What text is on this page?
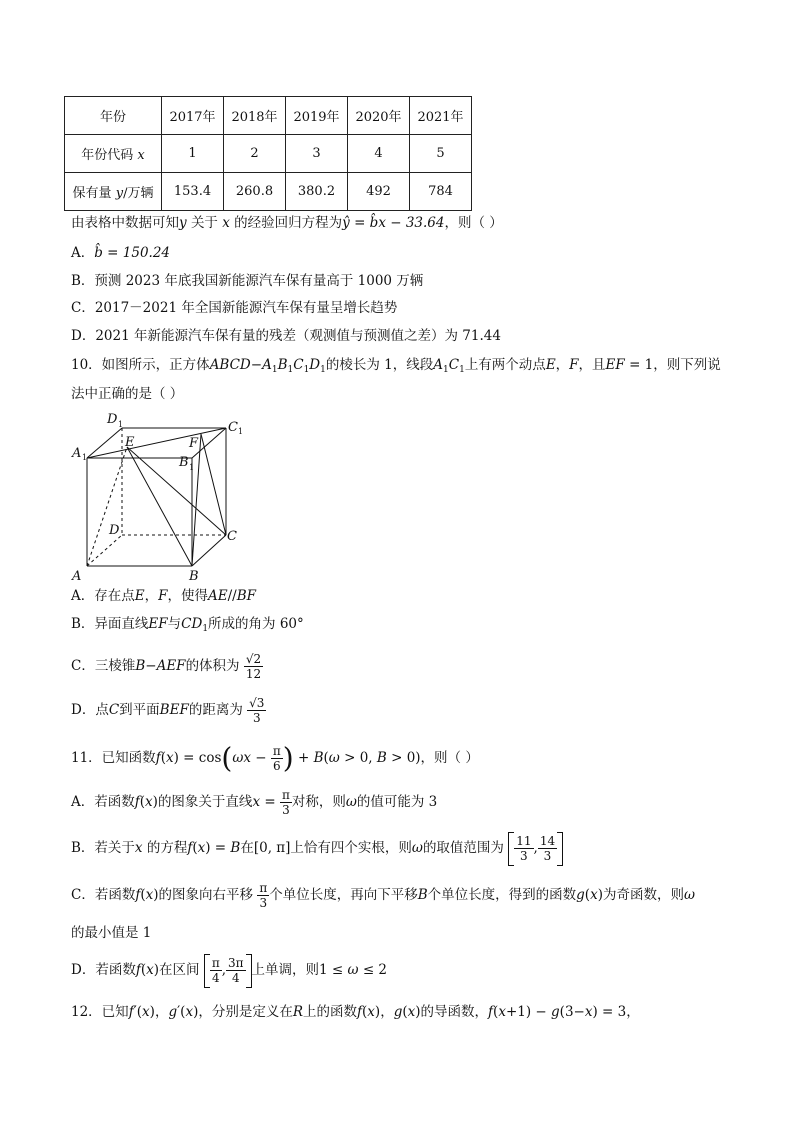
年份	2017年	2018年	2019年	2020年	2021年
年份代码 x	1	2	3	4	5
保有量 y/万辆	153.4	260.8	380.2	492	784
由表格中数据可知y 关于 x 的经验回归方程为ŷ = b̂x − 33.64，则（ ）
A．b̂ = 150.24
B．预测 2023 年底我国新能源汽车保有量高于 1000 万辆
C．2017－2021 年全国新能源汽车保有量呈增长趋势
D．2021 年新能源汽车保有量的残差（观测值与预测值之差）为 71.44
10．如图所示，正方体$ABCD-A_1B_1C_1D_1$的棱长为 1，线段$A_1C_1$上有两个动点E，F，且EF = 1，则下列说
法中正确的是（ ）
A	B
C
D
A 1	B 1
C 1
D 1
E	F
A．存在点E，F，使得AE//BF
B．异面直线EF与$CD_1$所成的角为 60°
C．三棱锥B−AEF的体积为 $\frac{√2}{12}$
D．点C到平面BEF的距离为 $\frac{√3}{3}$
11．已知函数$f(x) = \cos(\omega x - \frac{\pi}{6}$ ) + B(ω > 0, B > 0)，则（ ）
A．若函数f(x)的图象关于直线$x = \frac{\pi}{3}$ 对称，则ω的值可能为 3
B．若关于x 的方程f(x) = B在[0, π]上恰有四个实根，则ω的取值范围为 $\frac{11}{3}$ , $\frac{14}{3}$
C．若函数f(x)的图象向右平移 $\frac{\pi}{3}$ 个单位长度，再向下平移B个单位长度，得到的函数g(x)为奇函数，则ω
的最小值是 1
D．若函数f(x)在区间 $\frac{\pi}{4}$ , $\frac{3\pi}{4}$ 上单调，则1 ≤ ω ≤ 2
12．已知f′(x)，g′(x)，分别是定义在R上的函数f(x)，g(x)的导函数，f(x+1) − g(3−x) = 3，
